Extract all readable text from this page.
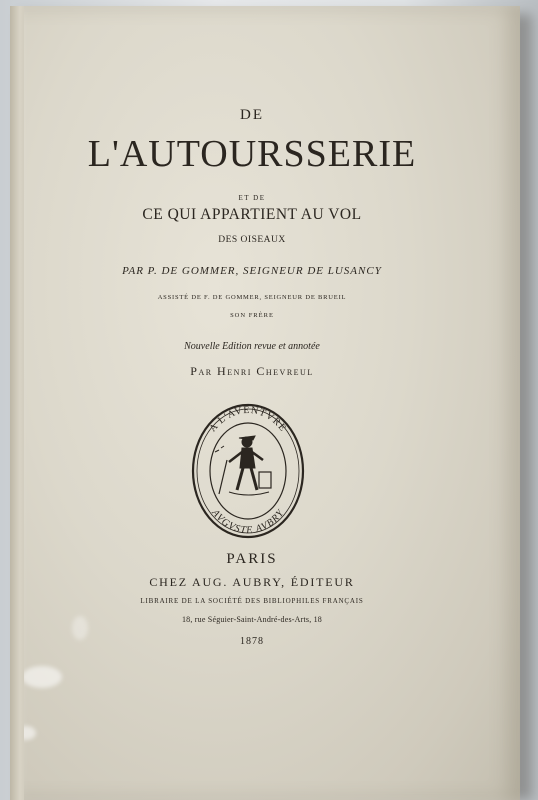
DE
L'AUTOURSSERIE
ET DE
CE QUI APPARTIENT AU VOL
DES OISEAUX
PAR P. DE GOMMER, SEIGNEUR DE LUSANCY
ASSISTÉ DE F. DE GOMMER, SEIGNEUR DE BRUEIL
SON FRÈRE
Nouvelle Edition revue et annotée
Par Henri Chevreul
A L'AVENTVRE
AVGVSTE AVBRY
PARIS
CHEZ AUG. AUBRY, ÉDITEUR
LIBRAIRE DE LA SOCIÉTÉ DES BIBLIOPHILES FRANÇAIS
18, rue Séguier-Saint-André-des-Arts, 18
1878
